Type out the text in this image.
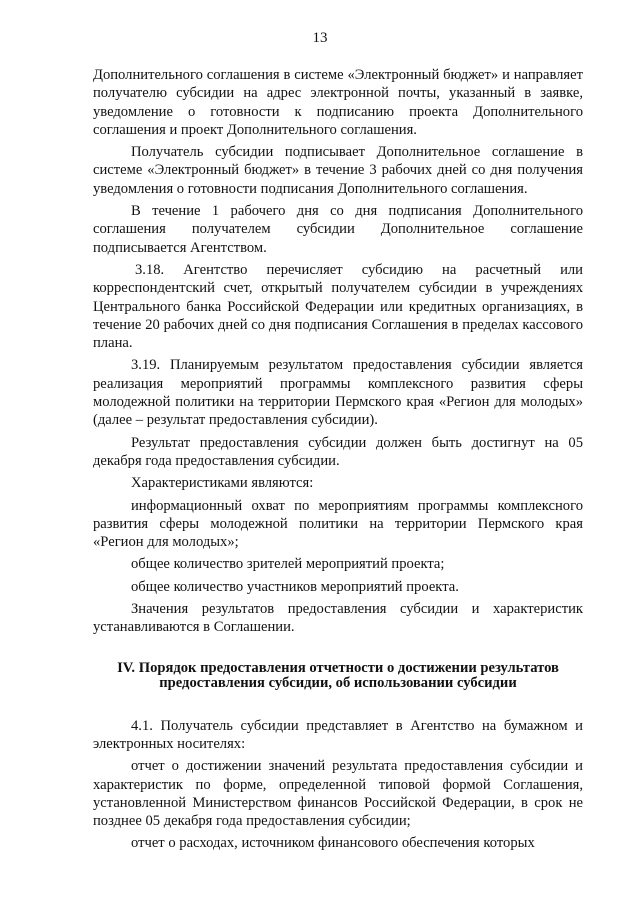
13

Дополнительного соглашения в системе «Электронный бюджет» и направляет получателю субсидии на адрес электронной почты, указанный в заявке, уведомление о готовности к подписанию проекта Дополнительного соглашения и проект Дополнительного соглашения.

Получатель субсидии подписывает Дополнительное соглашение в системе «Электронный бюджет» в течение 3 рабочих дней со дня получения уведомления о готовности подписания Дополнительного соглашения.

В течение 1 рабочего дня со дня подписания Дополнительного соглашения получателем субсидии Дополнительное соглашение подписывается Агентством.

3.18. Агентство перечисляет субсидию на расчетный или корреспондентский счет, открытый получателем субсидии в учреждениях Центрального банка Российской Федерации или кредитных организациях, в течение 20 рабочих дней со дня подписания Соглашения в пределах кассового плана.

3.19. Планируемым результатом предоставления субсидии является реализация мероприятий программы комплексного развития сферы молодежной политики на территории Пермского края «Регион для молодых» (далее – результат предоставления субсидии).

Результат предоставления субсидии должен быть достигнут на 05 декабря года предоставления субсидии.

Характеристиками являются:

информационный охват по мероприятиям программы комплексного развития сферы молодежной политики на территории Пермского края «Регион для молодых»;

общее количество зрителей мероприятий проекта;

общее количество участников мероприятий проекта.

Значения результатов предоставления субсидии и характеристик устанавливаются в Соглашении.

IV. Порядок предоставления отчетности о достижении результатов
предоставления субсидии, об использовании субсидии

4.1. Получатель субсидии представляет в Агентство на бумажном и электронных носителях:

отчет о достижении значений результата предоставления субсидии и характеристик по форме, определенной типовой формой Соглашения, установленной Министерством финансов Российской Федерации, в срок не позднее 05 декабря года предоставления субсидии;

отчет о расходах, источником финансового обеспечения которых
